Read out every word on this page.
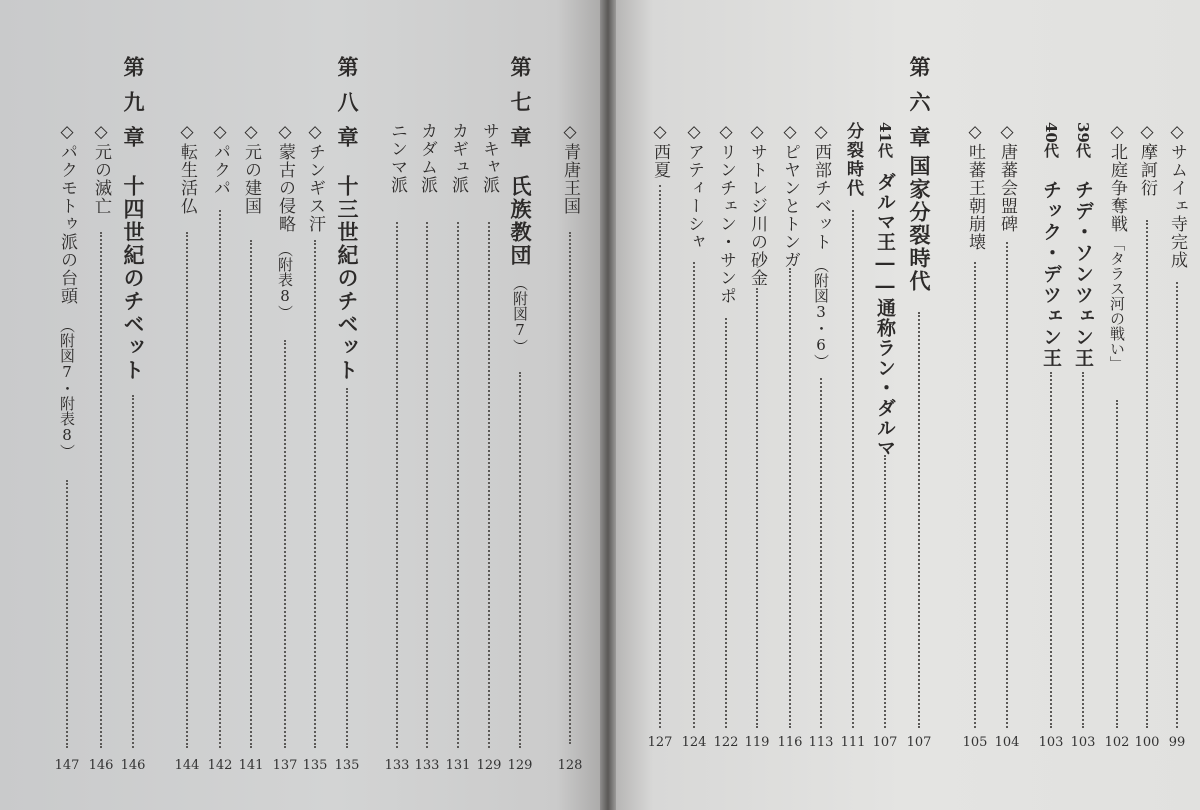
◇青唐王国
128
第七章
氏族教団
（附図7）
129
サキャ派
129
カギュ派
131
カダム派
133
ニンマ派
133
第八章
十三世紀のチベット
135
◇チンギス汗
135
◇蒙古の侵略
（附表8）
137
◇元の建国
141
◇パクパ
142
◇転生活仏
144
第九章
十四世紀のチベット
146
◇元の滅亡
146
◇パクモトゥ派の台頭
（附図7・附表8）
147
◇サムイェ寺完成
99
◇摩訶衍
100
◇北庭争奪戦
「タラス河の戦い」
102
39代
チデ・ソンツェン王
103
40代
チック・デツェン王
103
◇唐蕃会盟碑
104
◇吐蕃王朝崩壊
105
第六章
国家分裂時代
107
41代
ダルマ王――通称ラン・ダルマ
107
分裂時代
111
◇西部チベット
（附図3・6）
113
◇ピヤンとトンガ
116
◇サトレジ川の砂金
119
◇リンチェン・サンポ
122
◇アティーシャ
124
◇西夏
127
